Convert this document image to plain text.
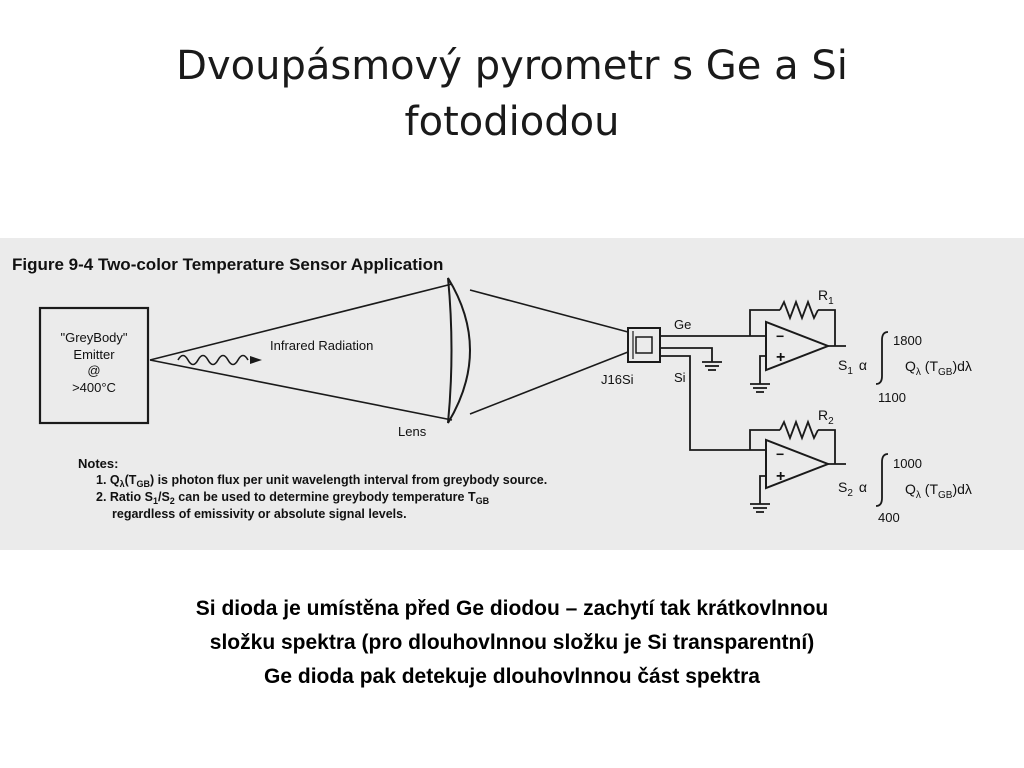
Dvoupásmový pyrometr s Ge a Si
fotodiodou
Figure 9-4 Two-color Temperature Sensor Application
"GreyBody"
Emitter
@
>400°C
Infrared Radiation
Lens
J16Si
Ge
Si
−
+
−
+
$R_1$
$R_2$
$S_1$ α
1800
1100
$Q_\lambda$ $(T_{GB})d\lambda$
$S_2$ α
1000
400
$Q_\lambda$ $(T_{GB})d\lambda$
Notes:
1. $Q_\lambda(T_{GB})$ is photon flux per unit wavelength interval from greybody source.
2. Ratio $S_1/S_2$ can be used to determine greybody temperature $T_{GB}$
regardless of emissivity or absolute signal levels.
Si dioda je umístěna před Ge diodou – zachytí tak krátkovlnnou
složku spektra (pro dlouhovlnnou složku je Si transparentní)
Ge dioda pak detekuje dlouhovlnnou část spektra
